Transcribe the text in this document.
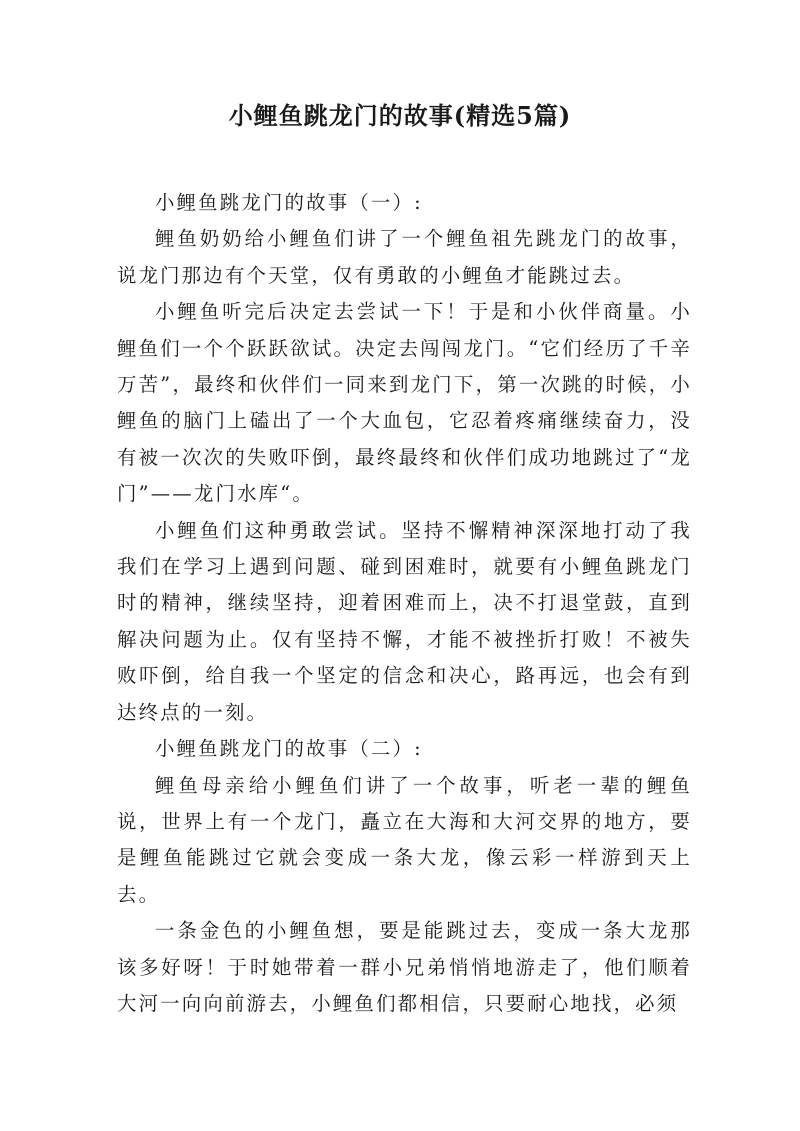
小鲤鱼跳龙门的故事(精选5篇)

小鲤鱼跳龙门的故事（一）:

鲤鱼奶奶给小鲤鱼们讲了一个鲤鱼祖先跳龙门的故事，说龙门那边有个天堂，仅有勇敢的小鲤鱼才能跳过去。

小鲤鱼听完后决定去尝试一下！于是和小伙伴商量。小鲤鱼们一个个跃跃欲试。决定去闯闯龙门。“它们经历了千辛万苦”，最终和伙伴们一同来到龙门下，第一次跳的时候，小鲤鱼的脑门上磕出了一个大血包，它忍着疼痛继续奋力，没有被一次次的失败吓倒，最终最终和伙伴们成功地跳过了“龙门”——龙门水库“。

小鲤鱼们这种勇敢尝试。坚持不懈精神深深地打动了我我们在学习上遇到问题、碰到困难时，就要有小鲤鱼跳龙门时的精神，继续坚持，迎着困难而上，决不打退堂鼓，直到解决问题为止。仅有坚持不懈，才能不被挫折打败！不被失败吓倒，给自我一个坚定的信念和决心，路再远，也会有到达终点的一刻。

小鲤鱼跳龙门的故事（二）:

鲤鱼母亲给小鲤鱼们讲了一个故事，听老一辈的鲤鱼说，世界上有一个龙门，矗立在大海和大河交界的地方，要是鲤鱼能跳过它就会变成一条大龙，像云彩一样游到天上去。

一条金色的小鲤鱼想，要是能跳过去，变成一条大龙那该多好呀！于时她带着一群小兄弟悄悄地游走了，他们顺着大河一向向前游去，小鲤鱼们都相信，只要耐心地找，必须
